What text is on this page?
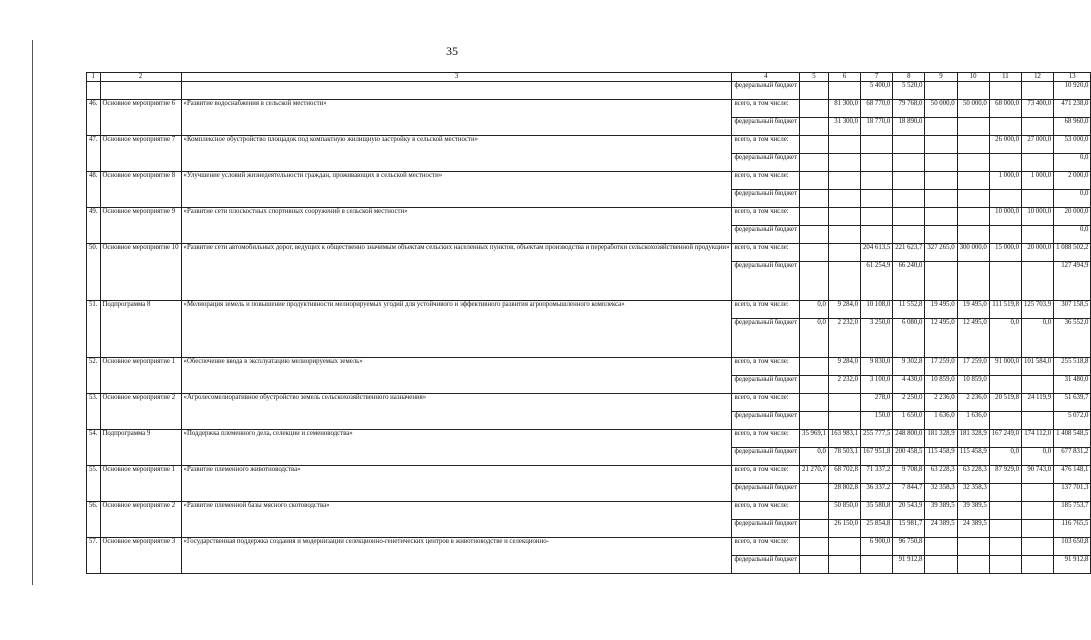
35
1	2	3	4	5	6	7	8	9	10	11	12	13
			федеральный бюджет			5 400,0	5 520,0					10 920,0
46.	Основное мероприятие 6	«Развитие водоснабжения в сельской местности»	всего, в том числе:		81 300,0	68 770,0	79 768,0	50 000,0	50 000,0	68 000,0	73 400,0	471 238,0
			федеральный бюджет		31 300,0	18 770,0	18 890,0					68 960,0
47.	Основное мероприятие 7	«Комплексное обустройство площадок под компактную жилищную застройку в сельской местности»	всего, в том числе:							26 000,0	27 000,0	53 000,0
			федеральный бюджет									0,0
48.	Основное мероприятие 8	«Улучшение условий жизнедеятельности граждан, проживающих в сельской местности»	всего, в том числе:							1 000,0	1 000,0	2 000,0
			федеральный бюджет									0,0
49.	Основное мероприятие 9	«Развитие сети плоскостных спортивных сооружений в сельской местности»	всего, в том числе:							10 000,0	10 000,0	20 000,0
			федеральный бюджет									0,0
50.	Основное мероприятие 10	«Развитие сети автомобильных дорог, ведущих к общественно значимым объектам сельских населенных пунктов, объектам производства и переработки сельскохозяйственной продукции»	всего, в том числе:			204 613,5	221 623,7	327 265,0	300 000,0	15 000,0	20 000,0	1 088 502,2
			федеральный бюджет			61 254,9	66 240,0					127 494,9
51.	Подпрограмма 8	«Мелиорация земель и повышение продуктивности мелиорируемых угодий для устойчивого и эффективного развития агропромышленного комплекса»	всего, в том числе:	0,0	9 284,0	10 108,0	11 552,8	19 495,0	19 495,0	111 519,8	125 703,9	307 158,5
			федеральный бюджет	0,0	2 232,0	3 250,0	6 080,0	12 495,0	12 495,0	0,0	0,0	36 552,0
52.	Основное мероприятие 1	«Обеспечение ввода в эксплуатацию мелиорируемых земель»	всего, в том числе:		9 284,0	9 830,0	9 302,8	17 259,0	17 259,0	91 000,0	101 584,0	255 518,8
			федеральный бюджет		2 232,0	3 100,0	4 430,0	10 859,0	10 859,0			31 480,0
53.	Основное мероприятие 2	«Агролесомелиоративное обустройство земель сельскохозяйственного назначения»	всего, в том числе:			278,0	2 250,0	2 236,0	2 236,0	20 519,8	24 119,9	51 639,7
			федеральный бюджет			150,0	1 650,0	1 636,0	1 636,0			5 072,0
54.	Подпрограмма 9	«Поддержка племенного дела, селекции и семеноводства»	всего, в том числе:	35 969,1	163 983,1	255 777,5	248 800,0	181 328,9	181 328,9	167 249,0	174 112,0	1 408 548,5
			федеральный бюджет	0,0	78 503,1	167 951,8	200 458,5	115 458,9	115 458,9	0,0	0,0	677 831,2
55.	Основное мероприятие 1	«Развитие племенного животноводства»	всего, в том числе:	21 270,7	68 702,8	71 337,2	9 708,8	63 228,3	63 228,3	87 929,0	90 743,0	476 148,1
			федеральный бюджет		28 802,8	36 337,2	7 844,7	32 358,3	32 358,3			137 701,3
56.	Основное мероприятие 2	«Развитие племенной базы мясного скотоводства»	всего, в том числе:		50 850,0	35 580,8	20 543,9	39 389,5	39 389,5			185 753,7
			федеральный бюджет		26 150,0	25 854,8	15 981,7	24 389,5	24 389,5			116 765,5
57.	Основное мероприятие 3	«Государственная поддержка создания и модернизации селекционно-генетических центров в животноводстве и селекционно-	всего, в том числе:			6 900,0	96 750,8					103 650,8
			федеральный бюджет				91 912,8					91 912,8
